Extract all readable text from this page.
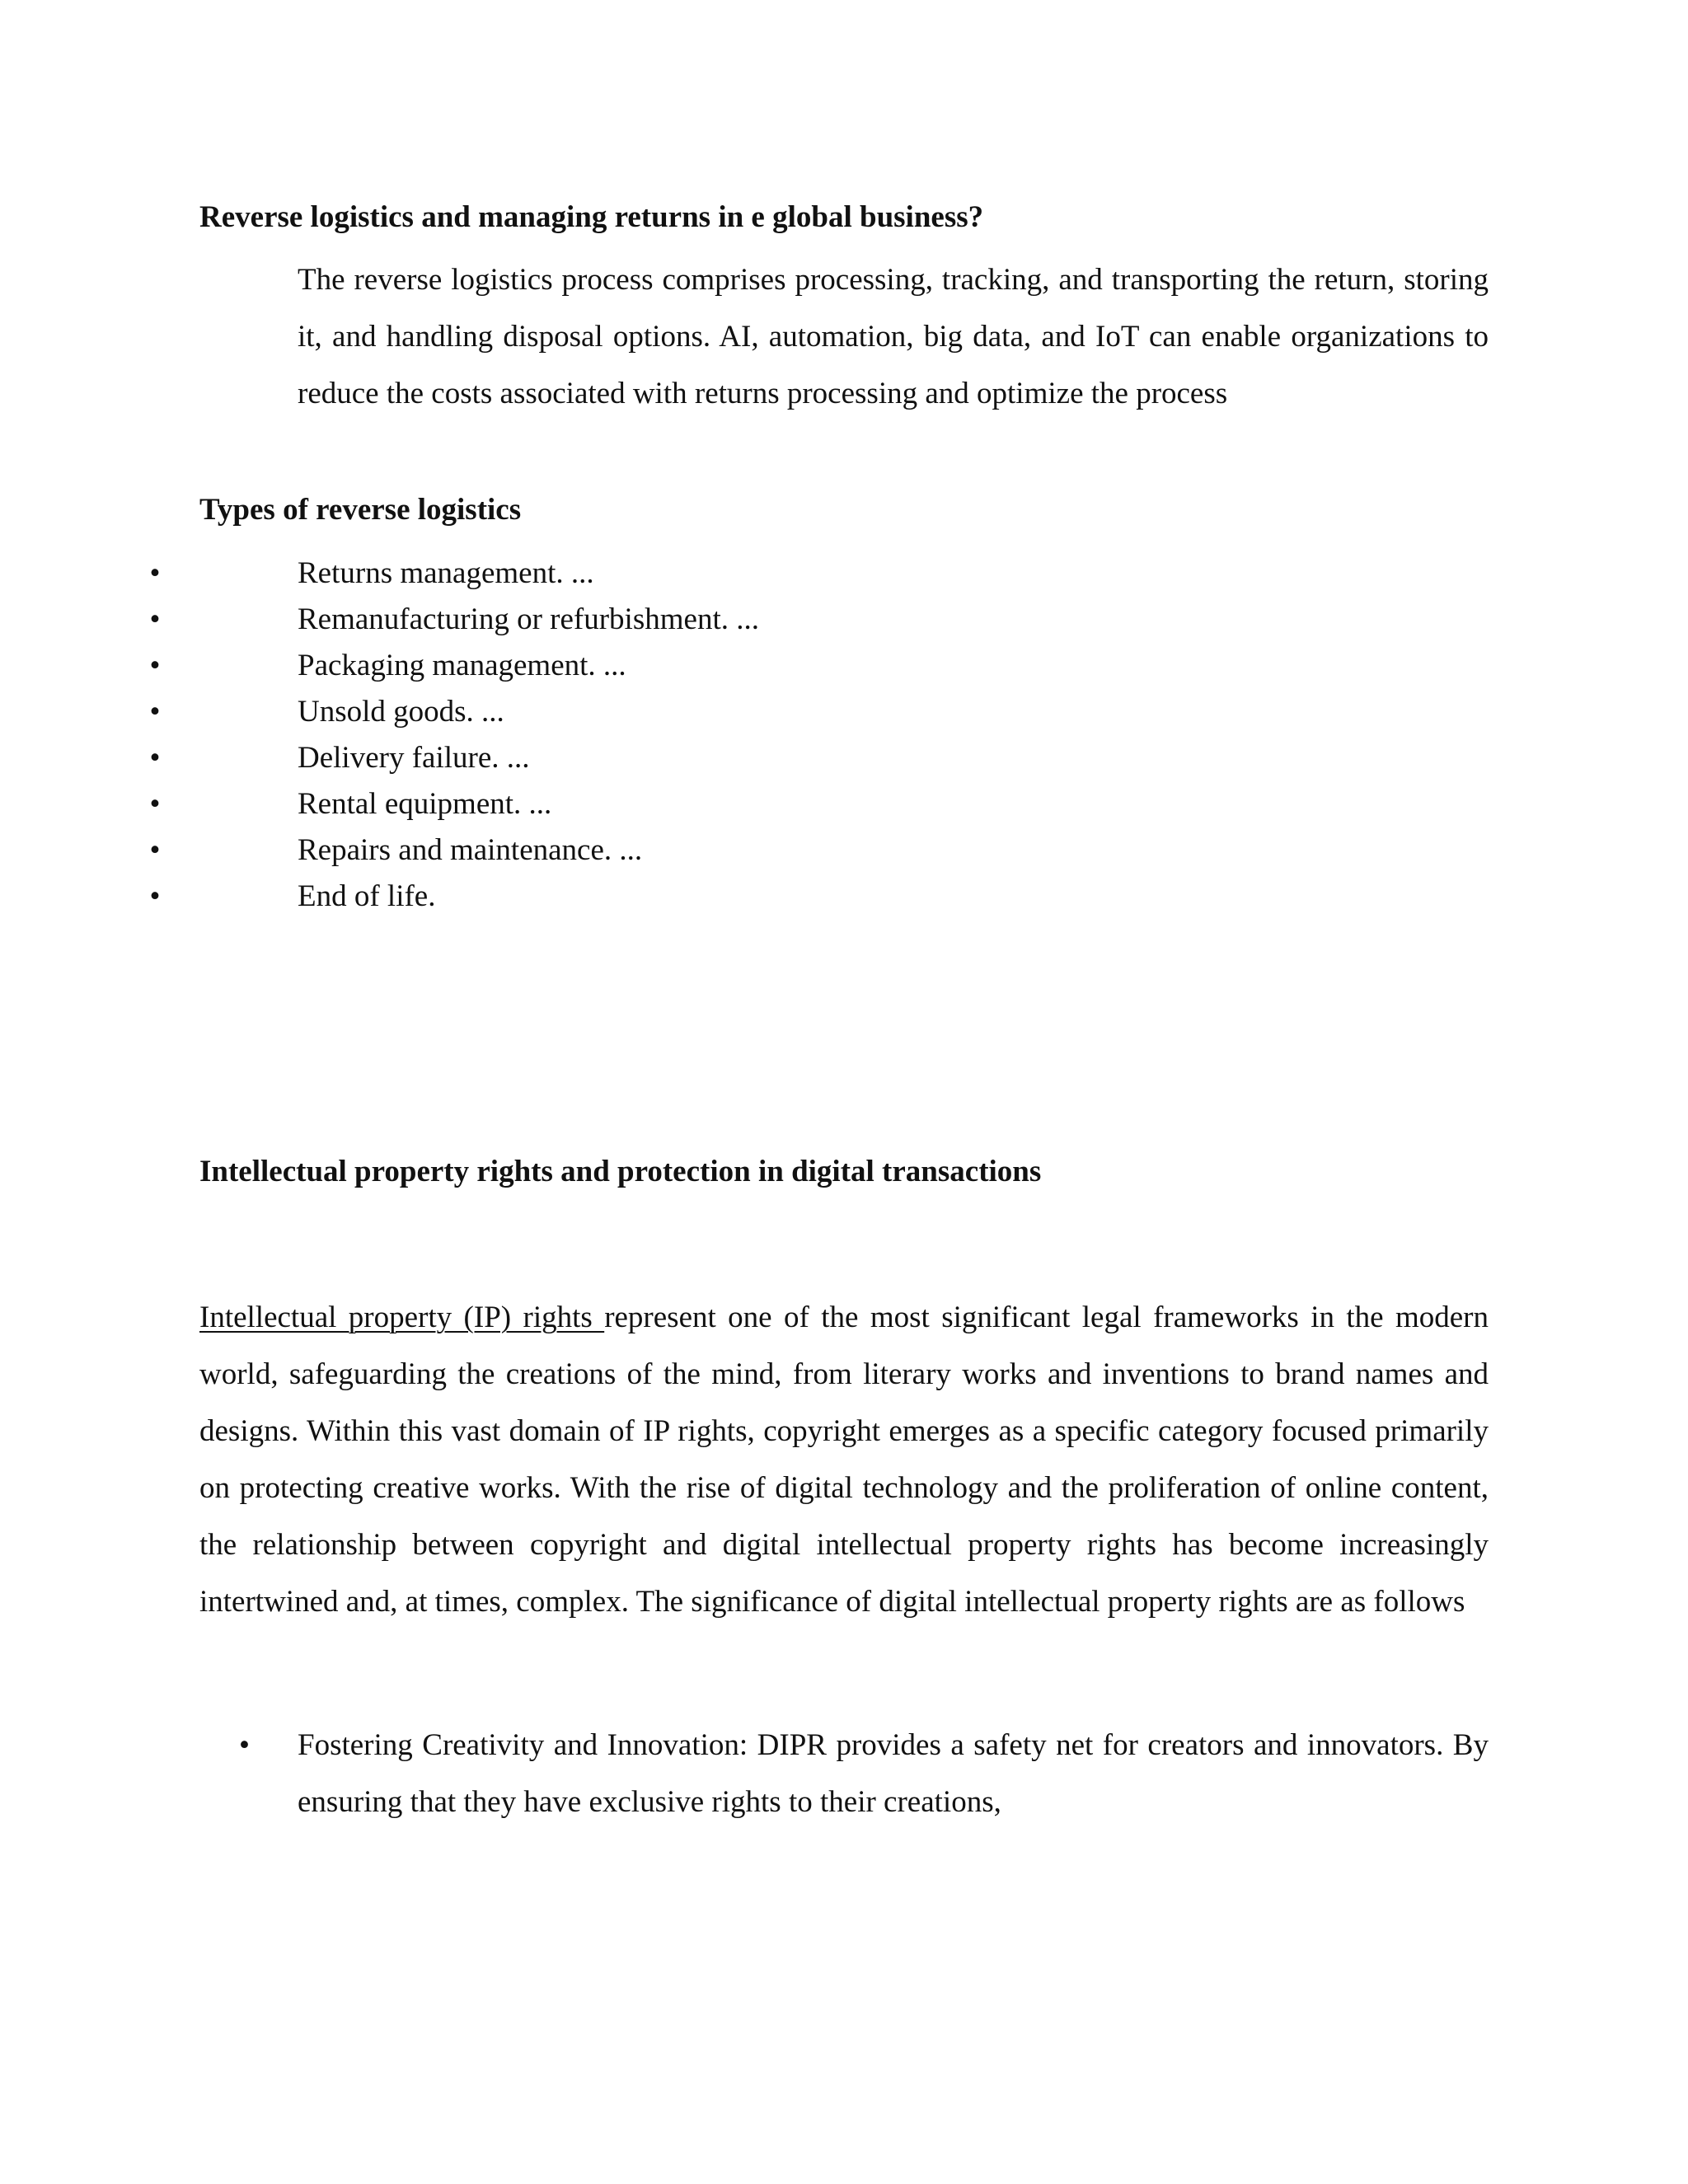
Reverse logistics and managing returns in e global business?
The reverse logistics process comprises processing, tracking, and transporting the return, storing it, and handling disposal options. AI, automation, big data, and IoT can enable organizations to reduce the costs associated with returns processing and optimize the process
Types of reverse logistics
•	Returns management. ...
•	Remanufacturing or refurbishment. ...
•	Packaging management. ...
•	Unsold goods. ...
•	Delivery failure. ...
•	Rental equipment. ...
•	Repairs and maintenance. ...
•	End of life.
Intellectual property rights and protection in digital transactions
Intellectual property (IP) rights represent one of the most significant legal frameworks in the modern world, safeguarding the creations of the mind, from literary works and inventions to brand names and designs. Within this vast domain of IP rights, copyright emerges as a specific category focused primarily on protecting creative works. With the rise of digital technology and the proliferation of online content, the relationship between copyright and digital intellectual property rights has become increasingly intertwined and, at times, complex. The significance of digital intellectual property rights are as follows
•	Fostering Creativity and Innovation: DIPR provides a safety net for creators and innovators. By ensuring that they have exclusive rights to their creations,
